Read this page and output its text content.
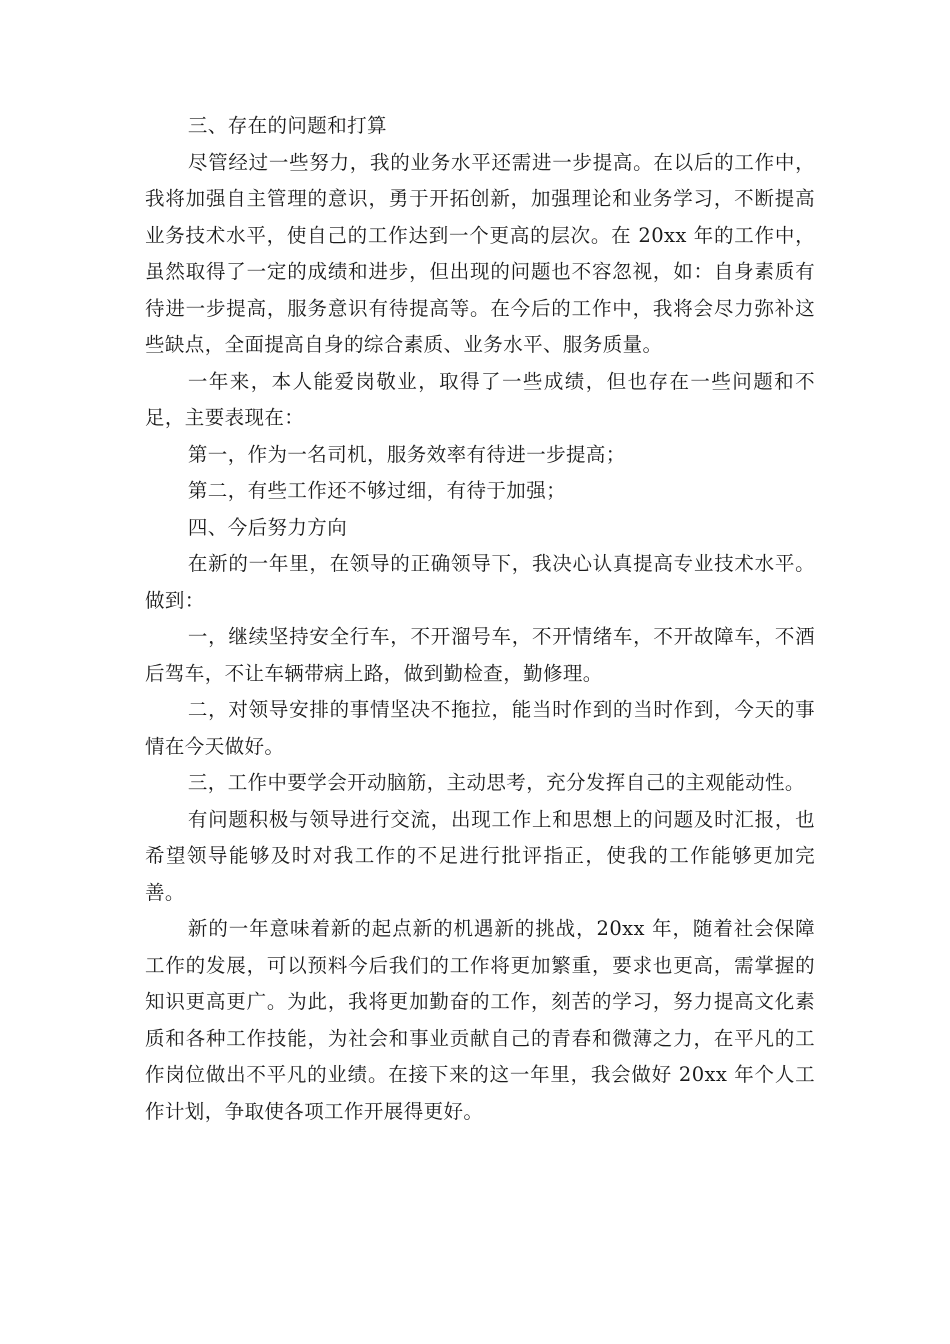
三、存在的问题和打算

尽管经过一些努力，我的业务水平还需进一步提高。在以后的工作中，我将加强自主管理的意识，勇于开拓创新，加强理论和业务学习，不断提高业务技术水平，使自己的工作达到一个更高的层次。在 20xx 年的工作中，虽然取得了一定的成绩和进步，但出现的问题也不容忽视，如：自身素质有待进一步提高，服务意识有待提高等。在今后的工作中，我将会尽力弥补这些缺点，全面提高自身的综合素质、业务水平、服务质量。

一年来，本人能爱岗敬业，取得了一些成绩，但也存在一些问题和不足，主要表现在：

第一，作为一名司机，服务效率有待进一步提高；

第二，有些工作还不够过细，有待于加强；

四、今后努力方向

在新的一年里，在领导的正确领导下，我决心认真提高专业技术水平。做到：

一，继续坚持安全行车，不开溜号车，不开情绪车，不开故障车，不酒后驾车，不让车辆带病上路，做到勤检查，勤修理。

二，对领导安排的事情坚决不拖拉，能当时作到的当时作到，今天的事情在今天做好。

三，工作中要学会开动脑筋，主动思考，充分发挥自己的主观能动性。

有问题积极与领导进行交流，出现工作上和思想上的问题及时汇报，也希望领导能够及时对我工作的不足进行批评指正，使我的工作能够更加完善。

新的一年意味着新的起点新的机遇新的挑战，20xx 年，随着社会保障工作的发展，可以预料今后我们的工作将更加繁重，要求也更高，需掌握的知识更高更广。为此，我将更加勤奋的工作，刻苦的学习，努力提高文化素质和各种工作技能，为社会和事业贡献自己的青春和微薄之力，在平凡的工作岗位做出不平凡的业绩。在接下来的这一年里，我会做好 20xx 年个人工作计划，争取使各项工作开展得更好。
